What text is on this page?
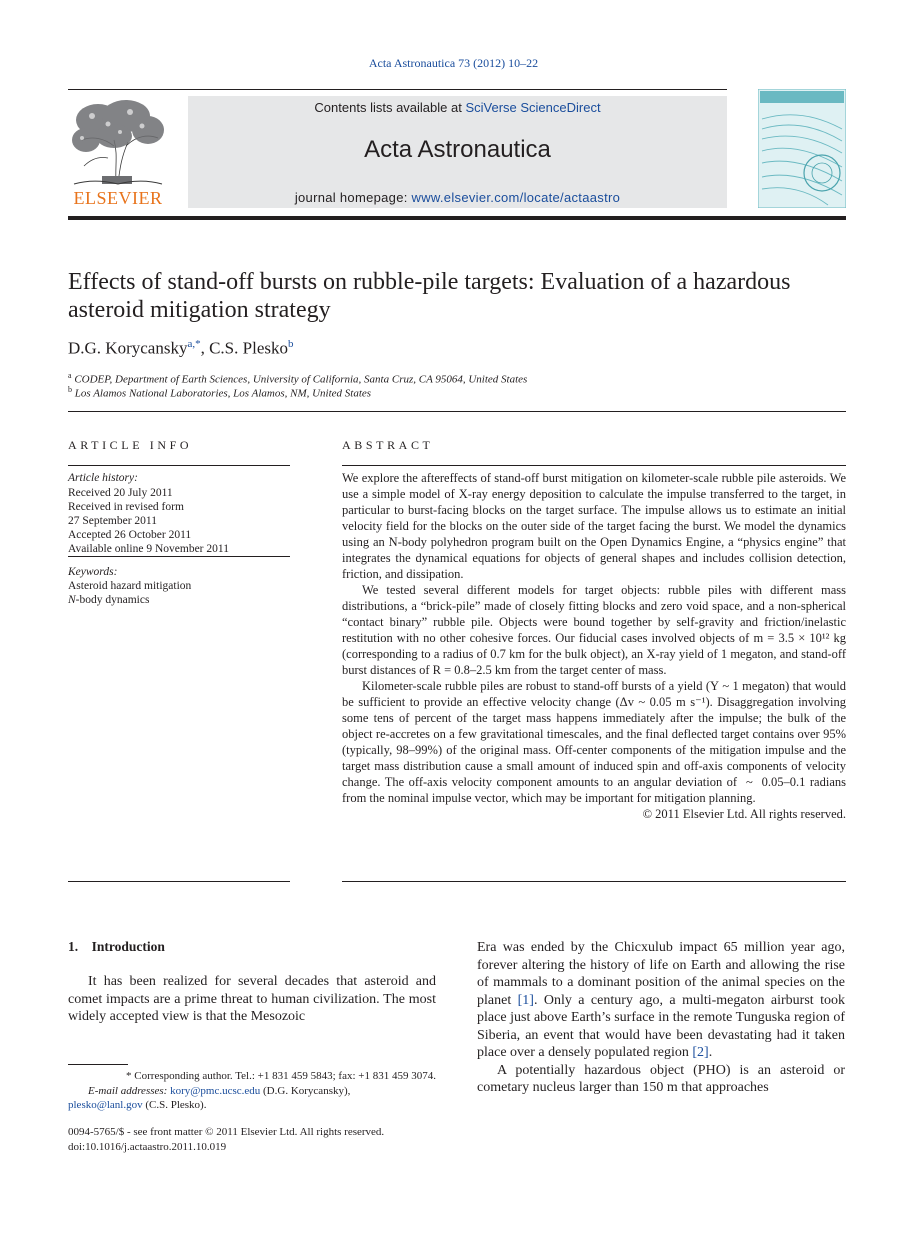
Acta Astronautica 73 (2012) 10–22
ELSEVIER
Contents lists available at SciVerse ScienceDirect
Acta Astronautica
journal homepage: www.elsevier.com/locate/actaastro
Effects of stand-off bursts on rubble-pile targets: Evaluation of a hazardous asteroid mitigation strategy
D.G. Korycansky$^{a,*}$, C.S. Plesko$^b$
$^a$ CODEP, Department of Earth Sciences, University of California, Santa Cruz, CA 95064, United States
$^b$ Los Alamos National Laboratories, Los Alamos, NM, United States
ARTICLE INFO	ABSTRACT
Article history:
Received 20 July 2011
Received in revised form
27 September 2011
Accepted 26 October 2011
Available online 9 November 2011
Keywords:
Asteroid hazard mitigation
N-body dynamics

We explore the aftereffects of stand-off burst mitigation on kilometer-scale rubble pile asteroids. We use a simple model of X-ray energy deposition to calculate the impulse transferred to the target, in particular to burst-facing blocks on the target surface. The impulse allows us to estimate an initial velocity field for the blocks on the outer side of the target facing the burst. We model the dynamics using an N-body polyhedron program built on the Open Dynamics Engine, a “physics engine” that integrates the dynamical equations for objects of general shapes and includes collision detection, friction, and dissipation.

We tested several different models for target objects: rubble piles with different mass distributions, a “brick-pile” made of closely fitting blocks and zero void space, and a non-spherical “contact binary” rubble pile. Objects were bound together by self-gravity and friction/inelastic restitution with no other cohesive forces. Our fiducial cases involved objects of m = 3.5 × 10¹² kg (corresponding to a radius of 0.7 km for the bulk object), an X-ray yield of 1 megaton, and stand-off burst distances of R = 0.8–2.5 km from the target center of mass.

Kilometer-scale rubble piles are robust to stand-off bursts of a yield (Y ~ 1 megaton) that would be sufficient to provide an effective velocity change (Δv ~ 0.05 m s⁻¹). Disaggregation involving some tens of percent of the target mass happens immediately after the impulse; the bulk of the object re-accretes on a few gravitational timescales, and the final deflected target contains over 95% (typically, 98–99%) of the original mass. Off-center components of the mitigation impulse and the target mass distribution cause a small amount of induced spin and off-axis components of velocity change. The off-axis velocity component amounts to an angular deviation of  ~  0.05–0.1 radians from the nominal impulse vector, which may be important for mitigation planning.

© 2011 Elsevier Ltd. All rights reserved.

1.  Introduction

It has been realized for several decades that asteroid and comet impacts are a prime threat to human civilization. The most widely accepted view is that the Mesozoic

Era was ended by the Chicxulub impact 65 million year ago, forever altering the history of life on Earth and allowing the rise of mammals to a dominant position of the animal species on the planet [1]. Only a century ago, a multi-megaton airburst took place just above Earth’s surface in the remote Tunguska region of Siberia, an event that would have been devastating had it taken place over a densely populated region [2].

A potentially hazardous object (PHO) is an asteroid or cometary nucleus larger than 150 m that approaches

* Corresponding author. Tel.: +1 831 459 5843; fax: +1 831 459 3074.
E-mail addresses: kory@pmc.ucsc.edu (D.G. Korycansky),
plesko@lanl.gov (C.S. Plesko).
0094-5765/$ - see front matter © 2011 Elsevier Ltd. All rights reserved.
doi:10.1016/j.actaastro.2011.10.019
